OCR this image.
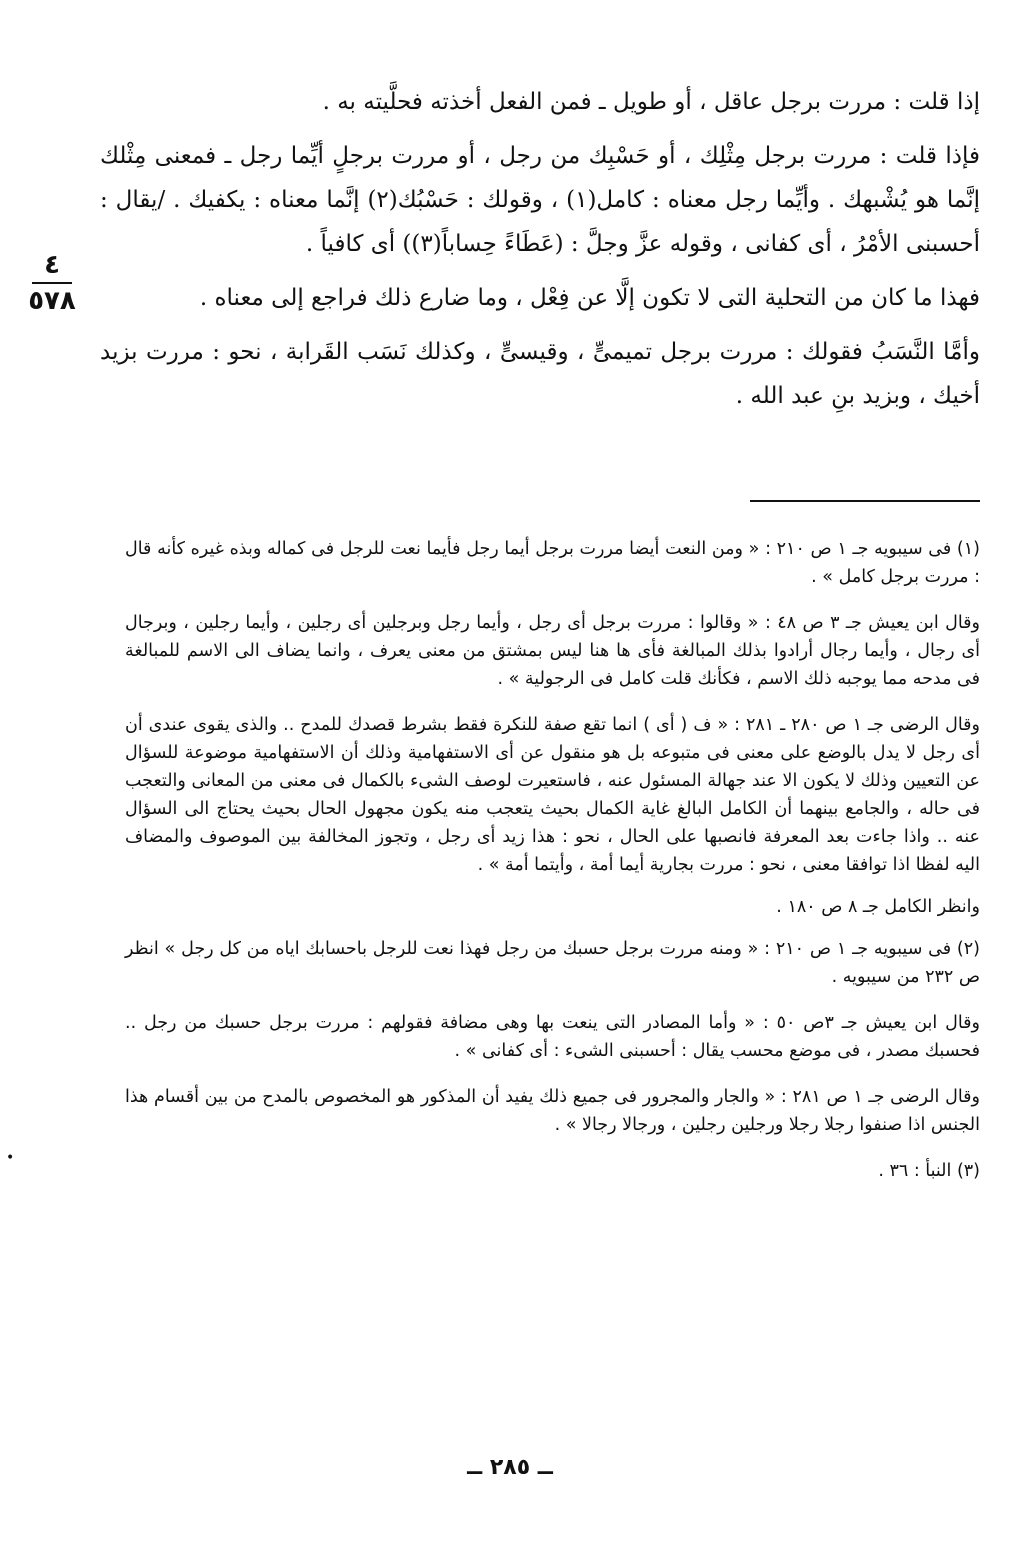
إذا قلت : مررت برجل عاقل ، أو طويل ـ فمن الفعل أخذته فحلَّيته به .

فإذا قلت : مررت برجل مِثْلِك ، أو حَسْبِك من رجل ، أو مررت برجلٍ أيِّما رجل ـ فمعنى مِثْلك إنَّما هو يُشْبهك . وأيِّما رجل معناه : كامل(١) ، وقولك : حَسْبُك(٢) إنَّما معناه : يكفيك . /يقال : أحسبنى الأمْرُ ، أى كفانى ، وقوله عزَّ وجلَّ : (عَطَاءً حِساباً(٣)) أى كافياً .

فهذا ما كان من التحلية التى لا تكون إلَّا عن فِعْل ، وما ضارع ذلك فراجع إلى معناه .

وأمَّا النَّسَبُ فقولك : مررت برجل تميمىٍّ ، وقيسىٍّ ، وكذلك نَسَب القَرابة ، نحو : مررت بزيد أخيك ، وبزيد بنِ عبد الله .

٤
٥٧٨

(١) فى سيبويه جـ ١ ص ٢١٠ : « ومن النعت أيضا مررت برجل أيما رجل فأيما نعت للرجل فى كماله وبذه غيره كأنه قال : مررت برجل كامل » .

وقال ابن يعيش جـ ٣ ص ٤٨ : « وقالوا : مررت برجل أى رجل ، وأيما رجل وبرجلين أى رجلين ، وأيما رجلين ، وبرجال أى رجال ، وأيما رجال أرادوا بذلك المبالغة فأى ها هنا ليس بمشتق من معنى يعرف ، وانما يضاف الى الاسم للمبالغة فى مدحه مما يوجبه ذلك الاسم ، فكأنك قلت كامل فى الرجولية » .

وقال الرضى جـ ١ ص ٢٨٠ ـ ٢٨١ : « ف ( أى ) انما تقع صفة للنكرة فقط بشرط قصدك للمدح .. والذى يقوى عندى أن أى رجل لا يدل بالوضع على معنى فى متبوعه بل هو منقول عن أى الاستفهامية وذلك أن الاستفهامية موضوعة للسؤال عن التعيين وذلك لا يكون الا عند جهالة المسئول عنه ، فاستعيرت لوصف الشىء بالكمال فى معنى من المعانى والتعجب فى حاله ، والجامع بينهما أن الكامل البالغ غاية الكمال بحيث يتعجب منه يكون مجهول الحال بحيث يحتاج الى السؤال عنه .. واذا جاءت بعد المعرفة فانصبها على الحال ، نحو : هذا زيد أى رجل ، وتجوز المخالفة بين الموصوف والمضاف اليه لفظا اذا توافقا معنى ، نحو : مررت بجارية أيما أمة ، وأيتما أمة » .

وانظر الكامل جـ ٨ ص ١٨٠ .

(٢) فى سيبويه جـ ١ ص ٢١٠ : « ومنه مررت برجل حسبك من رجل فهذا نعت للرجل باحسابك اياه من كل رجل » انظر ص ٢٣٢ من سيبويه .

وقال ابن يعيش جـ ٣ص ٥٠ : « وأما المصادر التى ينعت بها وهى مضافة فقولهم : مررت برجل حسبك من رجل .. فحسبك مصدر ، فى موضع محسب يقال : أحسبنى الشىء : أى كفانى » .

وقال الرضى جـ ١ ص ٢٨١ : « والجار والمجرور فى جميع ذلك يفيد أن المذكور هو المخصوص بالمدح من بين أقسام هذا الجنس اذا صنفوا رجلا رجلا ورجلين رجلين ، ورجالا رجالا » .

(٣) النبأ : ٣٦ .

•
ــ ٢٨٥ ــ
